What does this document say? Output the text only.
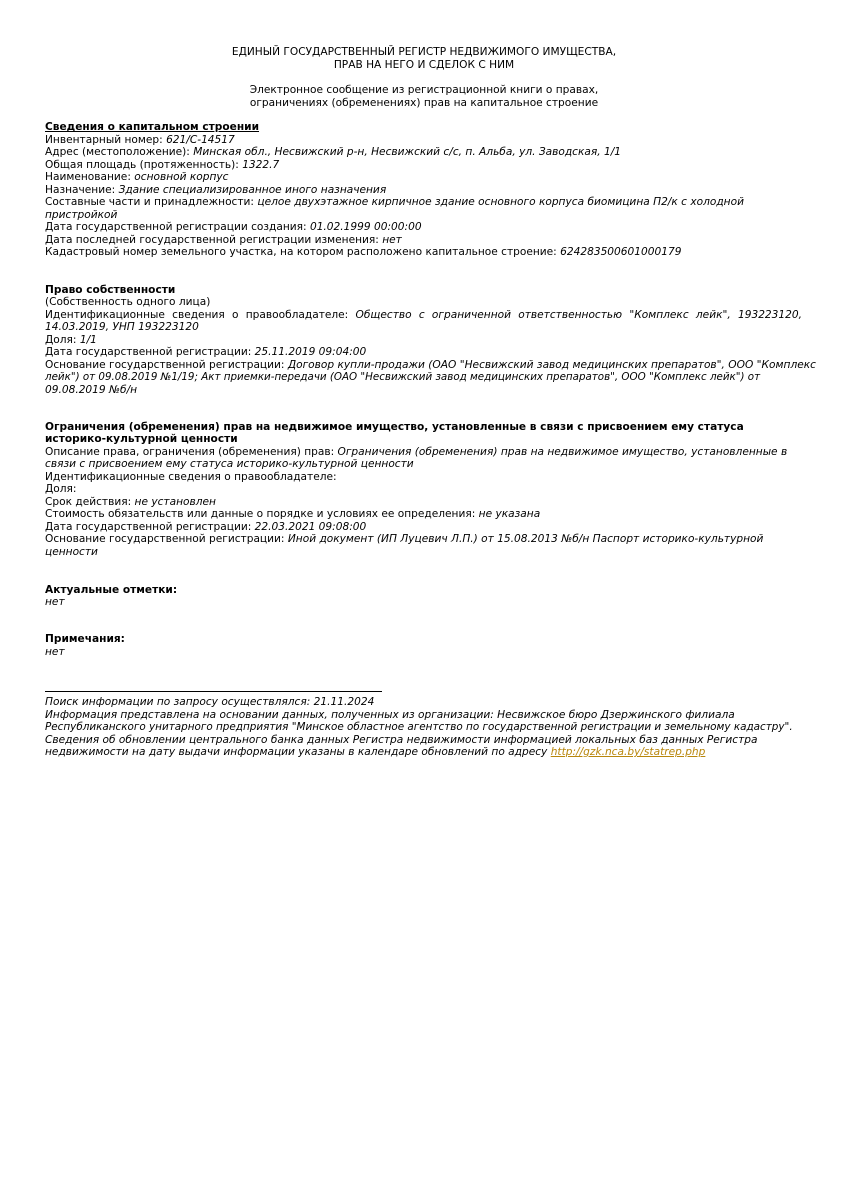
ЕДИНЫЙ ГОСУДАРСТВЕННЫЙ РЕГИСТР НЕДВИЖИМОГО ИМУЩЕСТВА,
ПРАВ НА НЕГО И СДЕЛОК С НИМ
Электронное сообщение из регистрационной книги о правах,
ограничениях (обременениях) прав на капитальное строение
Сведения о капитальном строении
Инвентарный номер: 621/C-14517
Адрес (местоположение): Минская обл., Несвижский р-н, Несвижский с/с, п. Альба, ул. Заводская, 1/1
Общая площадь (протяженность): 1322.7
Наименование: основной корпус
Назначение: Здание специализированное иного назначения
Составные части и принадлежности: целое двухэтажное кирпичное здание основного корпуса биомицина П2/к с холодной
пристройкой
Дата государственной регистрации создания: 01.02.1999 00:00:00
Дата последней государственной регистрации изменения: нет
Кадастровый номер земельного участка, на котором расположено капитальное строение: 624283500601000179
Право собственности
(Собственность одного лица)
Идентификационные сведения о правообладателе: Общество с ограниченной ответственностью "Комплекс лейк", 193223120,
14.03.2019, УНП 193223120
Доля: 1/1
Дата государственной регистрации: 25.11.2019 09:04:00
Основание государственной регистрации: Договор купли-продажи (ОАО "Несвижский завод медицинских препаратов", ООО "Комплекс
лейк") от 09.08.2019 №1/19; Акт приемки-передачи (ОАО "Несвижский завод медицинских препаратов", ООО "Комплекс лейк") от
09.08.2019 №б/н
Ограничения (обременения) прав на недвижимое имущество, установленные в связи с присвоением ему статуса
историко-культурной ценности
Описание права, ограничения (обременения) прав: Ограничения (обременения) прав на недвижимое имущество, установленные в
связи с присвоением ему статуса историко-культурной ценности
Идентификационные сведения о правообладателе:
Доля:
Срок действия: не установлен
Стоимость обязательств или данные о порядке и условиях ее определения: не указана
Дата государственной регистрации: 22.03.2021 09:08:00
Основание государственной регистрации: Иной документ (ИП Луцевич Л.П.) от 15.08.2013 №б/н Паспорт историко-культурной
ценности
Актуальные отметки:
нет
Примечания:
нет
Поиск информации по запросу осуществлялся: 21.11.2024
Информация представлена на основании данных, полученных из организации: Несвижское бюро Дзержинского филиала
Республиканского унитарного предприятия "Минское областное агентство по государственной регистрации и земельному кадастру".
Сведения об обновлении центрального банка данных Регистра недвижимости информацией локальных баз данных Регистра
недвижимости на дату выдачи информации указаны в календаре обновлений по адресу http://gzk.nca.by/statrep.php
